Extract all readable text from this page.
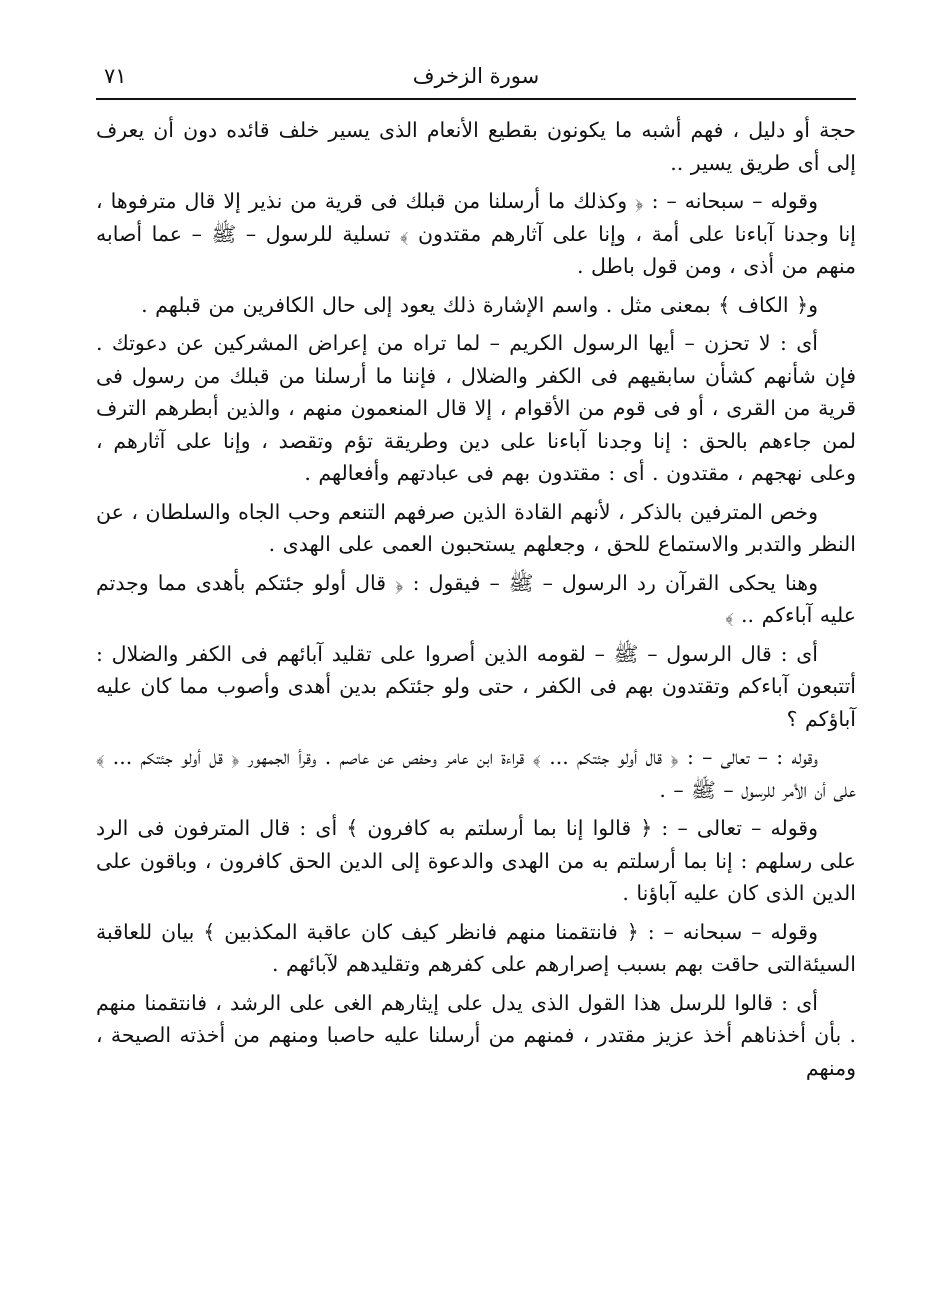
سورة الزخرف
٧١

حجة أو دليل ، فهم أشبه ما يكونون بقطيع الأنعام الذى يسير خلف قائده دون أن يعرف إلى أى طريق يسير ..

وقوله – سبحانه – : ﴿ وكذلك ما أرسلنا من قبلك فى قرية من نذير إلا قال مترفوها ، إنا وجدنا آباءنا على أمة ، وإنا على آثارهم مقتدون ﴾ تسلية للرسول – ﷺ – عما أصابه منهم من أذى ، ومن قول باطل .

و﴿ الكاف ﴾ بمعنى مثل . واسم الإشارة ذلك يعود إلى حال الكافرين من قبلهم .

أى : لا تحزن – أيها الرسول الكريم – لما تراه من إعراض المشركين عن دعوتك . فإن شأنهم كشأن سابقيهم فى الكفر والضلال ، فإننا ما أرسلنا من قبلك من رسول فى قرية من القرى ، أو فى قوم من الأقوام ، إلا قال المنعمون منهم ، والذين أبطرهم الترف لمن جاءهم بالحق : إنا وجدنا آباءنا على دين وطريقة تؤم وتقصد ، وإنا على آثارهم ، وعلى نهجهم ، مقتدون . أى : مقتدون بهم فى عبادتهم وأفعالهم .

وخص المترفين بالذكر ، لأنهم القادة الذين صرفهم التنعم وحب الجاه والسلطان ، عن النظر والتدبر والاستماع للحق ، وجعلهم يستحبون العمى على الهدى .

وهنا يحكى القرآن رد الرسول – ﷺ – فيقول : ﴿ قال أولو جئتكم بأهدى مما وجدتم عليه آباءكم .. ﴾

أى : قال الرسول – ﷺ – لقومه الذين أصروا على تقليد آبائهم فى الكفر والضلال : أتتبعون آباءكم وتقتدون بهم فى الكفر ، حتى ولو جئتكم بدين أهدى وأصوب مما كان عليه آباؤكم ؟

وقوله : – تعالى – : ﴿ قال أولو جئتكم ... ﴾ قراءة ابن عامر وحفص عن عاصم . وقرأ الجمهور ﴿ قل أولو جئتكم ... ﴾ على أن الأمر للرسول – ﷺ – .

وقوله – تعالى – : ﴿ قالوا إنا بما أرسلتم به كافرون ﴾ أى : قال المترفون فى الرد على رسلهم : إنا بما أرسلتم به من الهدى والدعوة إلى الدين الحق كافرون ، وباقون على الدين الذى كان عليه آباؤنا .

وقوله – سبحانه – : ﴿ فانتقمنا منهم فانظر كيف كان عاقبة المكذبين ﴾ بيان للعاقبة السيئةالتى حاقت بهم بسبب إصرارهم على كفرهم وتقليدهم لآبائهم .

أى : قالوا للرسل هذا القول الذى يدل على إيثارهم الغى على الرشد ، فانتقمنا منهم . بأن أخذناهم أخذ عزيز مقتدر ، فمنهم من أرسلنا عليه حاصبا ومنهم من أخذته الصيحة ، ومنهم
